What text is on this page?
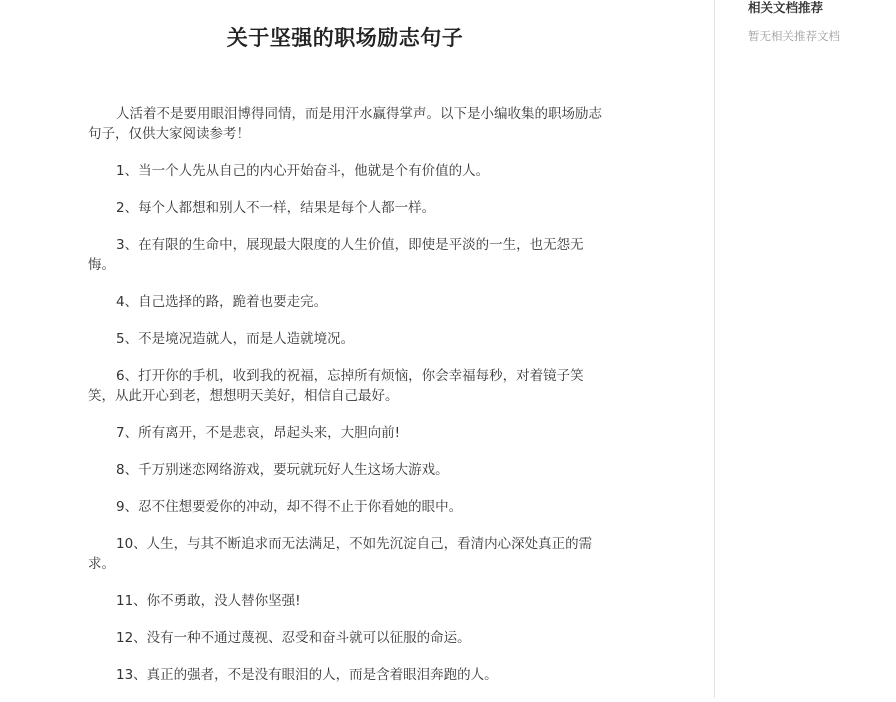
关于坚强的职场励志句子

人活着不是要用眼泪博得同情，而是用汗水赢得掌声。以下是小编收集的职场励志 句子，仅供大家阅读参考！

1、当一个人先从自己的内心开始奋斗，他就是个有价值的人。

2、每个人都想和别人不一样，结果是每个人都一样。

3、在有限的生命中，展现最大限度的人生价值，即使是平淡的一生，也无怨无悔。

4、自己选择的路，跪着也要走完。

5、不是境况造就人，而是人造就境况。

6、打开你的手机，收到我的祝福，忘掉所有烦恼，你会幸福每秒，对着镜子笑笑，从此开心到老，想想明天美好，相信自己最好。

7、所有离开，不是悲哀，昂起头来，大胆向前!

8、千万别迷恋网络游戏，要玩就玩好人生这场大游戏。

9、忍不住想要爱你的冲动，却不得不止于你看她的眼中。

10、人生，与其不断追求而无法满足，不如先沉淀自己，看清内心深处真正的需求。

11、你不勇敢，没人替你坚强!

12、没有一种不通过蔑视、忍受和奋斗就可以征服的命运。

13、真正的强者，不是没有眼泪的人，而是含着眼泪奔跑的人。

相关文档推荐
暂无相关推荐文档
